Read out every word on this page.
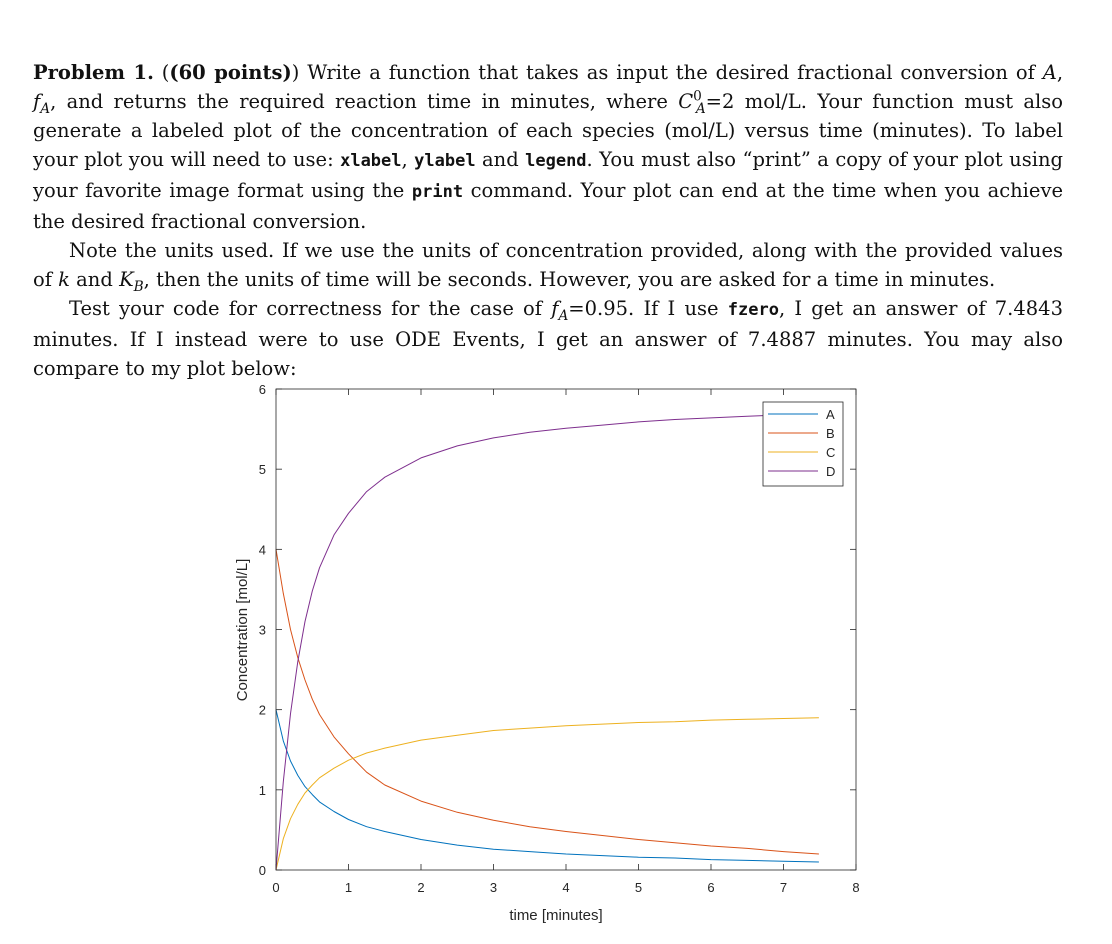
Problem 1. ((60 points)) Write a function that takes as input the desired fractional conversion of A, $f_A$, and returns the required reaction time in minutes, where $C^0_A=2$ mol/L. Your function must also generate a labeled plot of the concentration of each species (mol/L) versus time (minutes). To label your plot you will need to use: xlabel, ylabel and legend. You must also “print” a copy of your plot using your favorite image format using the print command. Your plot can end at the time when you achieve the desired fractional conversion.

Note the units used. If we use the units of concentration provided, along with the provided values of k and $K_B$, then the units of time will be seconds. However, you are asked for a time in minutes.

Test your code for correctness for the case of $f_A=0.95$. If I use fzero, I get an answer of 7.4843 minutes. If I instead were to use ODE Events, I get an answer of 7.4887 minutes. You may also compare to my plot below:

0	1	2	3	4	5	6	7	8
0
1
2
3
4
5
6
time [minutes]
Concentration [mol/L]
A
B
C
D
